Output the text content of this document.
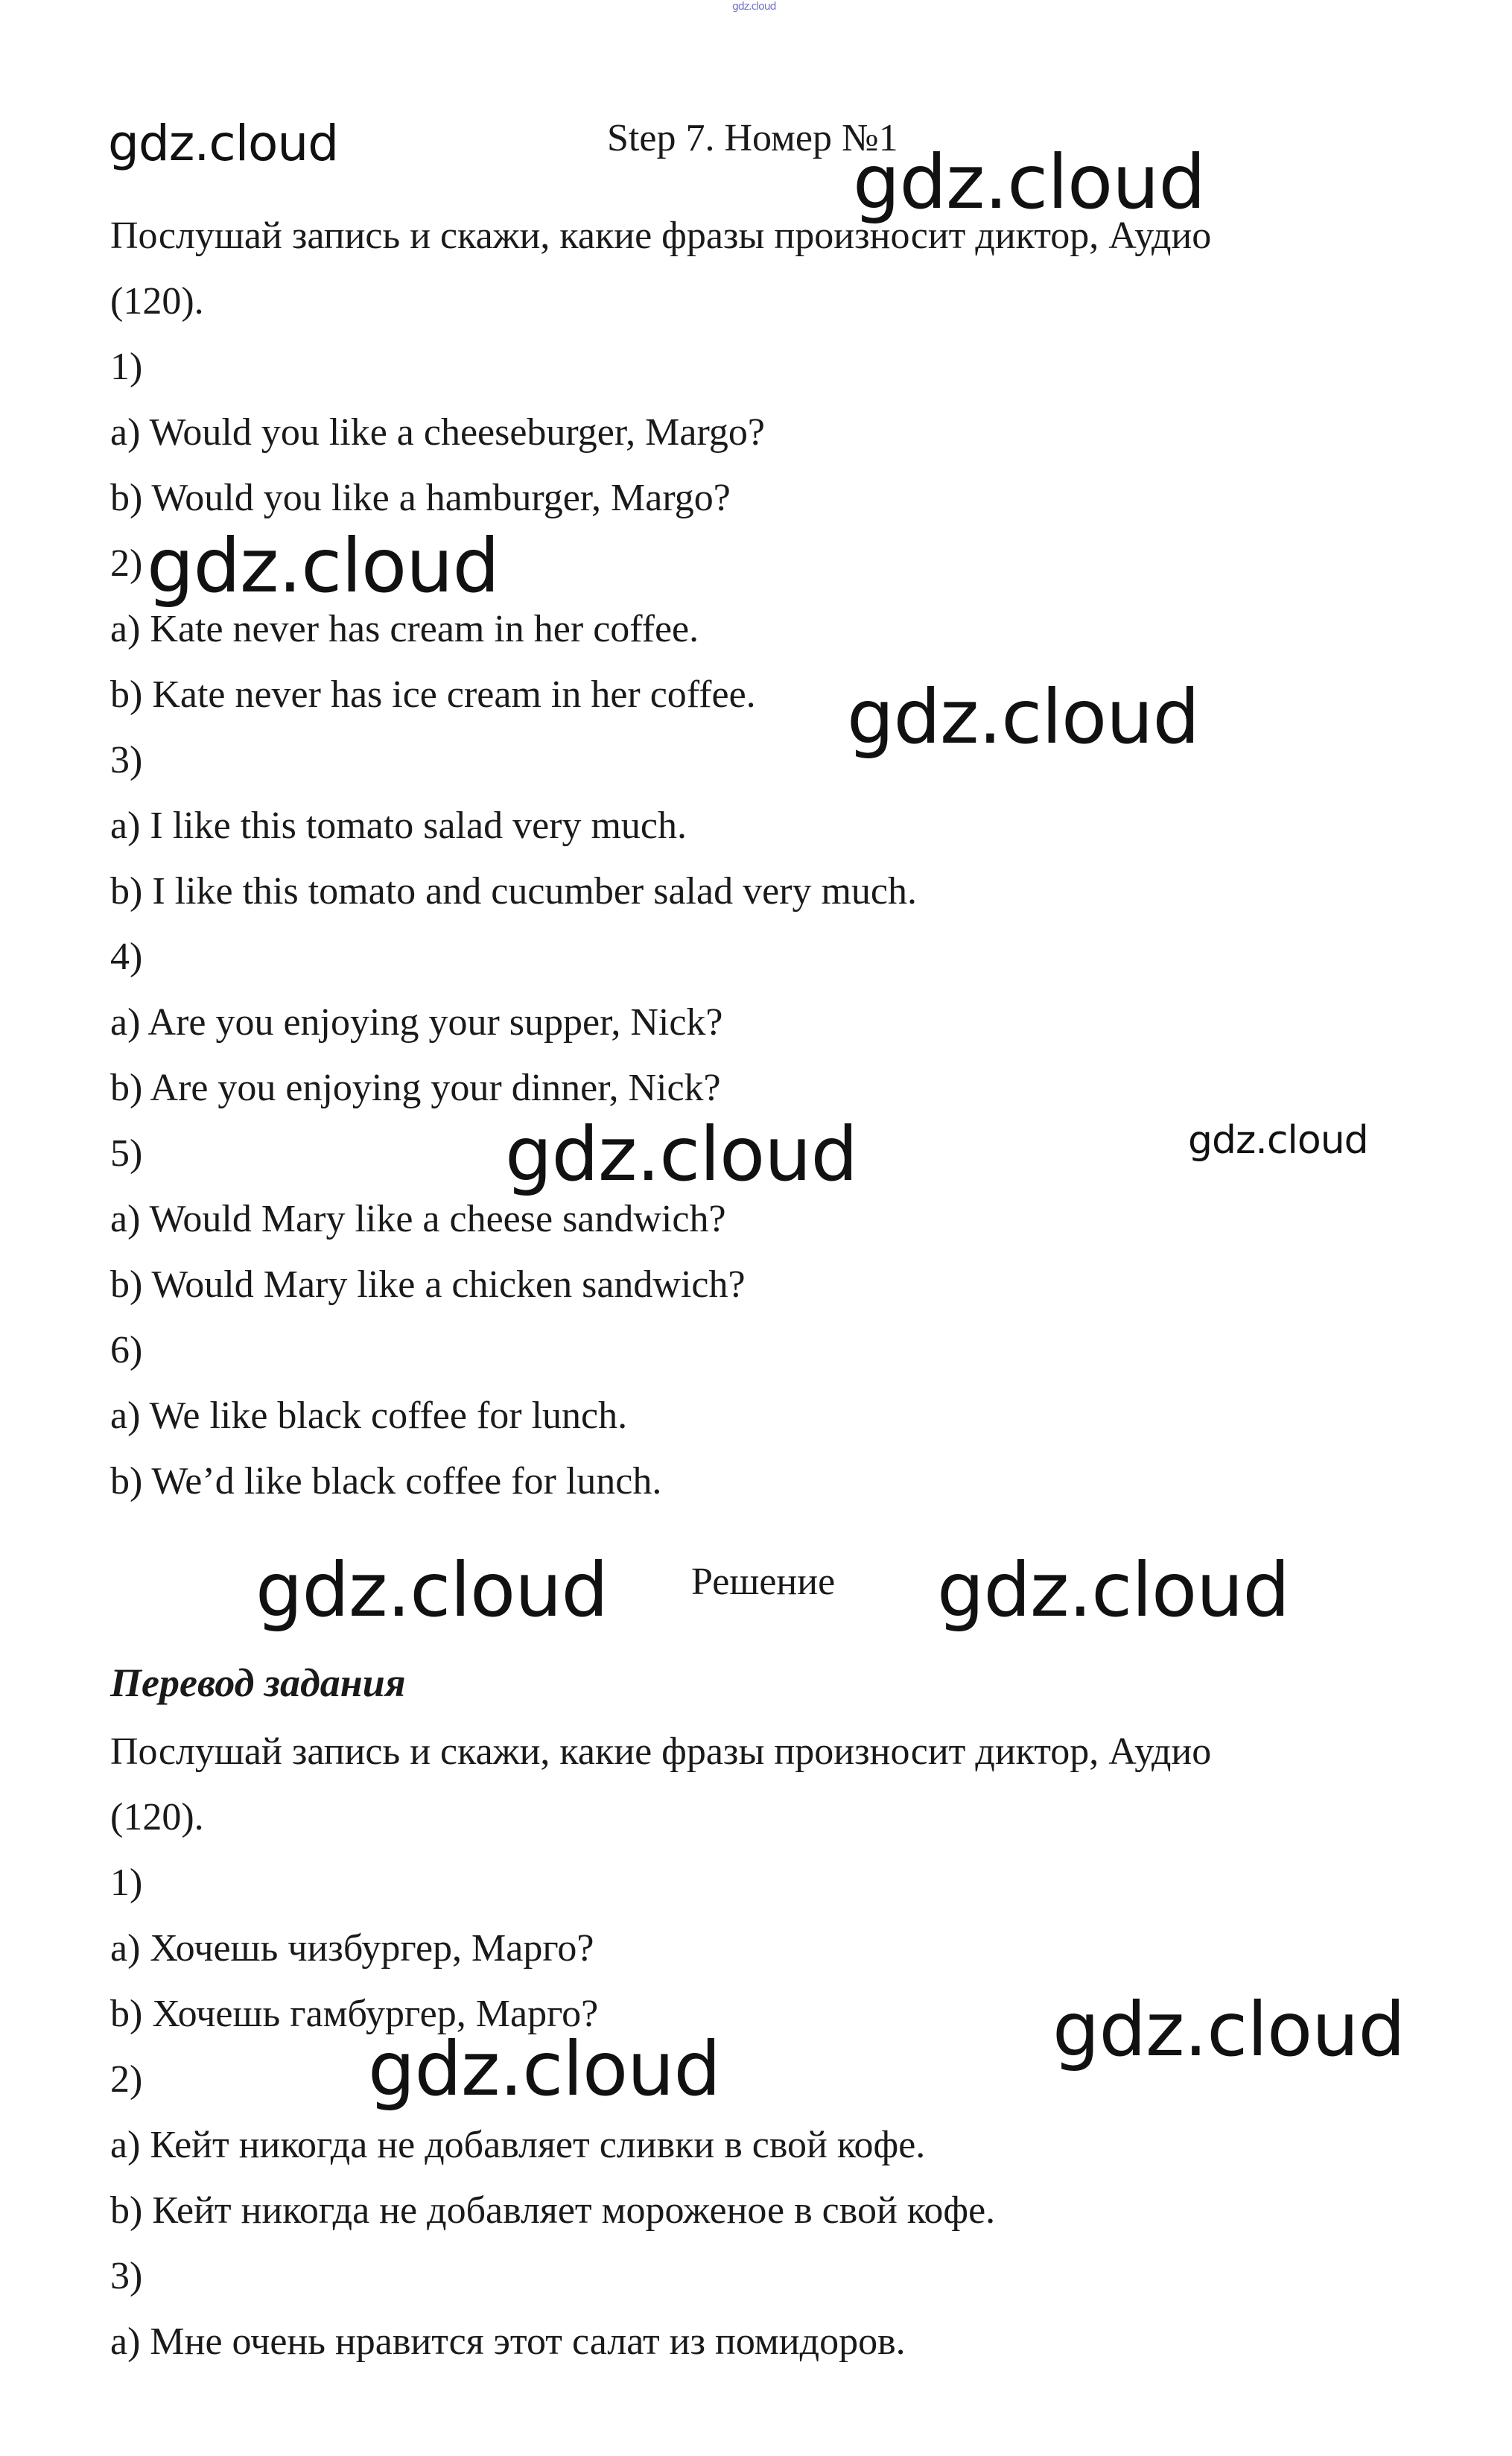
gdz.cloud
gdz.cloud	gdz.cloud
gdz.cloud
gdz.cloud
gdz.cloud	gdz.cloud
gdz.cloud	gdz.cloud
gdz.cloud
gdz.cloud
Step 7. Номер №1
Послушай запись и скажи, какие фразы произносит диктор, Аудио
(120).
1)
a) Would you like a cheeseburger, Margo?
b) Would you like a hamburger, Margo?
2)
a) Kate never has cream in her coffee.
b) Kate never has ice cream in her coffee.
3)
a) I like this tomato salad very much.
b) I like this tomato and cucumber salad very much.
4)
a) Are you enjoying your supper, Nick?
b) Are you enjoying your dinner, Nick?
5)
a) Would Mary like a cheese sandwich?
b) Would Mary like a chicken sandwich?
6)
a) We like black coffee for lunch.
b) We’d like black coffee for lunch.
Решение
Перевод задания
Послушай запись и скажи, какие фразы произносит диктор, Аудио
(120).
1)
a) Хочешь чизбургер, Марго?
b) Хочешь гамбургер, Марго?
2)
a) Кейт никогда не добавляет сливки в свой кофе.
b) Кейт никогда не добавляет мороженое в свой кофе.
3)
a) Мне очень нравится этот салат из помидоров.
